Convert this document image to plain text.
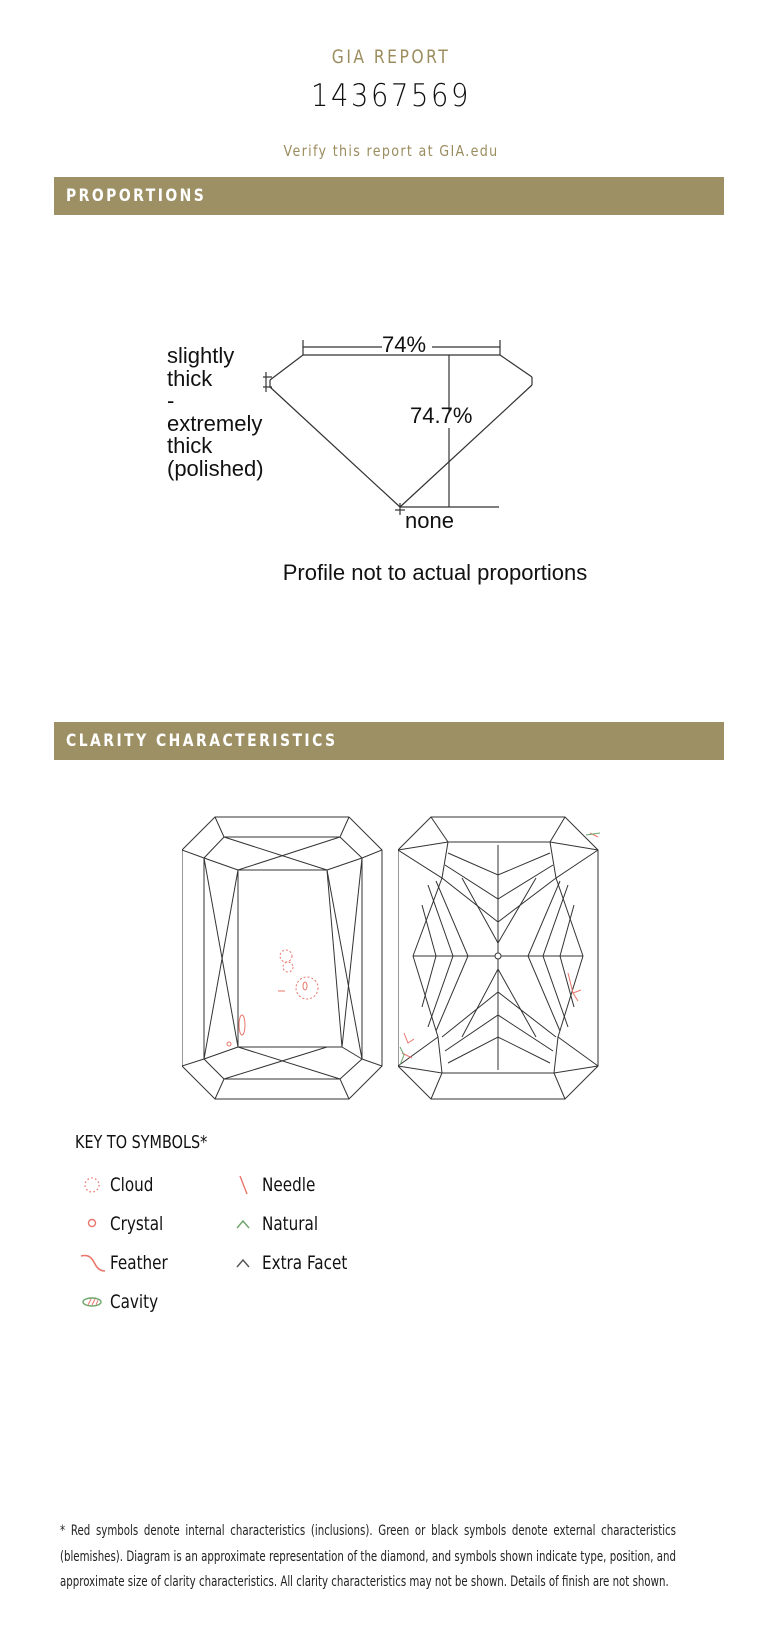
GIA REPORT
14367569
Verify this report at GIA.edu
PROPORTIONS
74%
74.7%
none
slightly
thick
-
extremely
thick
(polished)
Profile not to actual proportions
CLARITY CHARACTERISTICS
KEY TO SYMBOLS*
Cloud
Crystal
Feather
Cavity
Needle
Natural
Extra Facet
* Red symbols denote internal characteristics (inclusions). Green or black symbols denote external characteristics (blemishes). Diagram is an approximate representation of the diamond, and symbols shown indicate type, position, and approximate size of clarity characteristics. All clarity characteristics may not be shown. Details of finish are not shown.
